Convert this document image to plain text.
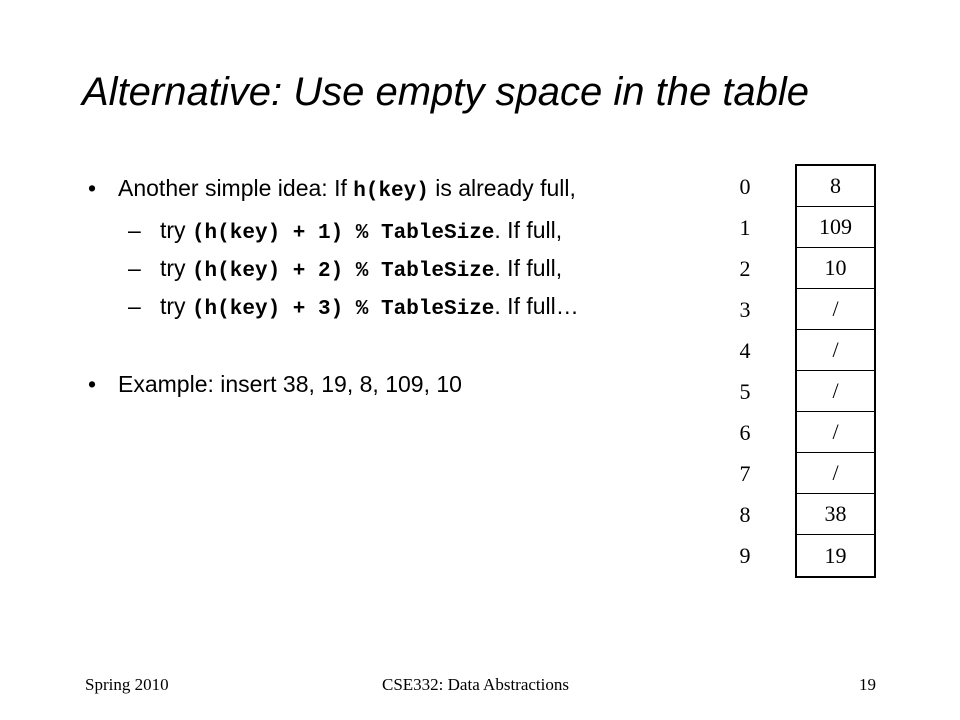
Alternative: Use empty space in the table
• Another simple idea: If h(key) is already full,
– try (h(key) + 1) % TableSize. If full,
– try (h(key) + 2) % TableSize. If full,
– try (h(key) + 3) % TableSize. If full…
• Example: insert 38, 19, 8, 109, 10
0
1
2
3
4
5
6
7
8
9
8
109
10
/
/
/
/
/
38
19
Spring 2010	CSE332: Data Abstractions	19
